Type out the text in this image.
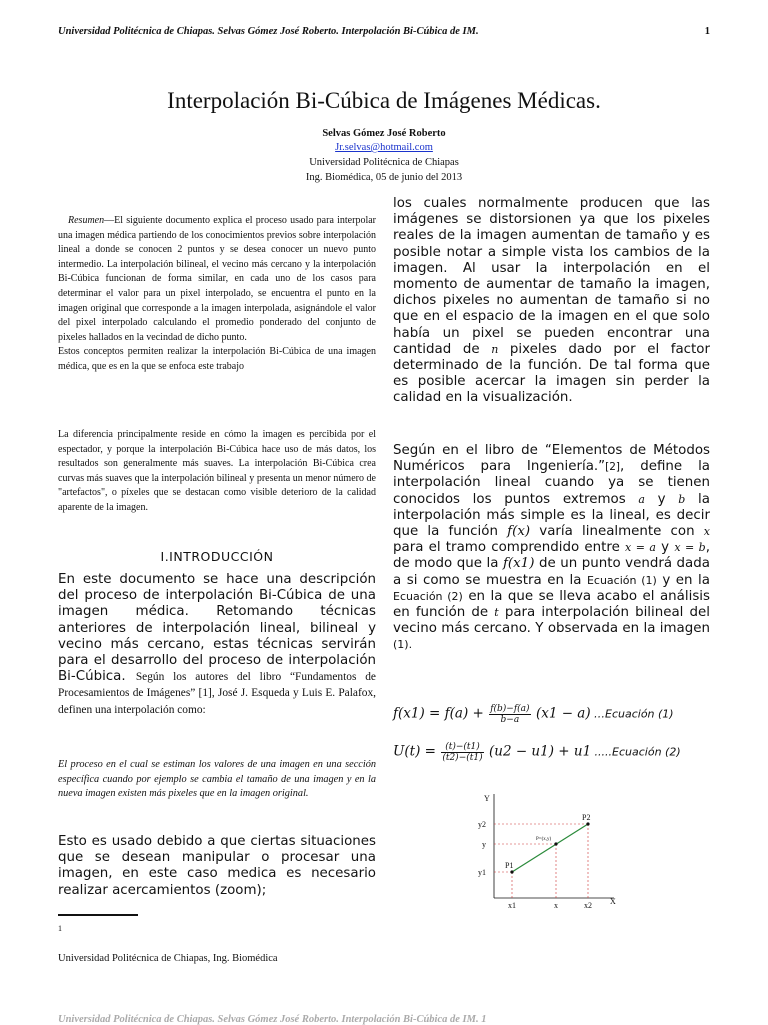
Universidad Politécnica de Chiapas. Selvas Gómez José Roberto. Interpolación Bi-Cúbica de IM.	1
Interpolación Bi-Cúbica de Imágenes Médicas.
Selvas Gómez José Roberto
Jr.selvas@hotmail.com
Universidad Politécnica de Chiapas
Ing. Biomédica, 05 de junio del 2013

Resumen—El siguiente documento explica el proceso usado para interpolar una imagen médica partiendo de los conocimientos previos sobre interpolación lineal a donde se conocen 2 puntos y se desea conocer un nuevo punto intermedio. La interpolación bilineal, el vecino más cercano y la interpolación Bi-Cúbica funcionan de forma similar, en cada uno de los casos para determinar el valor para un pixel interpolado, se encuentra el punto en la imagen original que corresponde a la imagen interpolada, asignándole el valor del pixel interpolado calculando el promedio ponderado del conjunto de pixeles hallados en la vecindad de dicho punto.

Estos conceptos permiten realizar la interpolación Bi-Cúbica de una imagen médica, que es en la que se enfoca este trabajo

La diferencia principalmente reside en cómo la imagen es percibida por el espectador, y porque la interpolación Bi-Cúbica hace uso de más datos, los resultados son generalmente más suaves. La interpolación Bi-Cúbica crea curvas más suaves que la interpolación bilineal y presenta un menor número de "artefactos", o píxeles que se destacan como visible deterioro de la calidad aparente de la imagen.

I.INTRODUCCIÓN
En este documento se hace una descripción del proceso de interpolación Bi-Cúbica de una imagen médica. Retomando técnicas anteriores de interpolación lineal, bilineal y vecino más cercano, estas técnicas servirán para el desarrollo del proceso de interpolación Bi-Cúbica. Según los autores del libro “Fundamentos de Procesamientos de Imágenes” [1], José J. Esqueda y Luis E. Palafox, definen una interpolación como:
El proceso en el cual se estiman los valores de una imagen en una sección específica cuando por ejemplo se cambia el tamaño de una imagen y en la nueva imagen existen más pixeles que en la imagen original.
Esto es usado debido a que ciertas situaciones que se desean manipular o procesar una imagen, en este caso medica es necesario realizar acercamientos (zoom);
1
Universidad Politécnica de Chiapas, Ing. Biomédica
los cuales normalmente producen que las imágenes se distorsionen ya que los pixeles reales de la imagen aumentan de tamaño y es posible notar a simple vista los cambios de la imagen. Al usar la interpolación en el momento de aumentar de tamaño la imagen, dichos pixeles no aumentan de tamaño si no que en el espacio de la imagen en el que solo había un pixel se pueden encontrar una cantidad de n pixeles dado por el factor determinado de la función. De tal forma que es posible acercar la imagen sin perder la calidad en la visualización.
Según en el libro de “Elementos de Métodos Numéricos para Ingeniería.”[2], define la interpolación lineal cuando ya se tienen conocidos los puntos extremos a y b la interpolación más simple es la lineal, es decir que la función f(x) varía linealmente con x para el tramo comprendido entre x = a y x = b, de modo que la f(x1) de un punto vendrá dada a si como se muestra en la Ecuación (1) y en la Ecuación (2) en la que se lleva acabo el análisis en función de t para interpolación bilineal del vecino más cercano. Y observada en la imagen (1).
$f(x1) = f(a) + \frac{f(b)-f(a)}{b-a} (x1 - a)$ …Ecuación (1)
$U(t) = \frac{(t)-(t1)}{(t2)-(t1)} (u2 - u1) + u1$ .....Ecuación (2)
Y
X
y2
y
y1
x1	x	x2
P1
P2
P=(x,y)
Universidad Politécnica de Chiapas. Selvas Gómez José Roberto. Interpolación Bi-Cúbica de IM. 1
